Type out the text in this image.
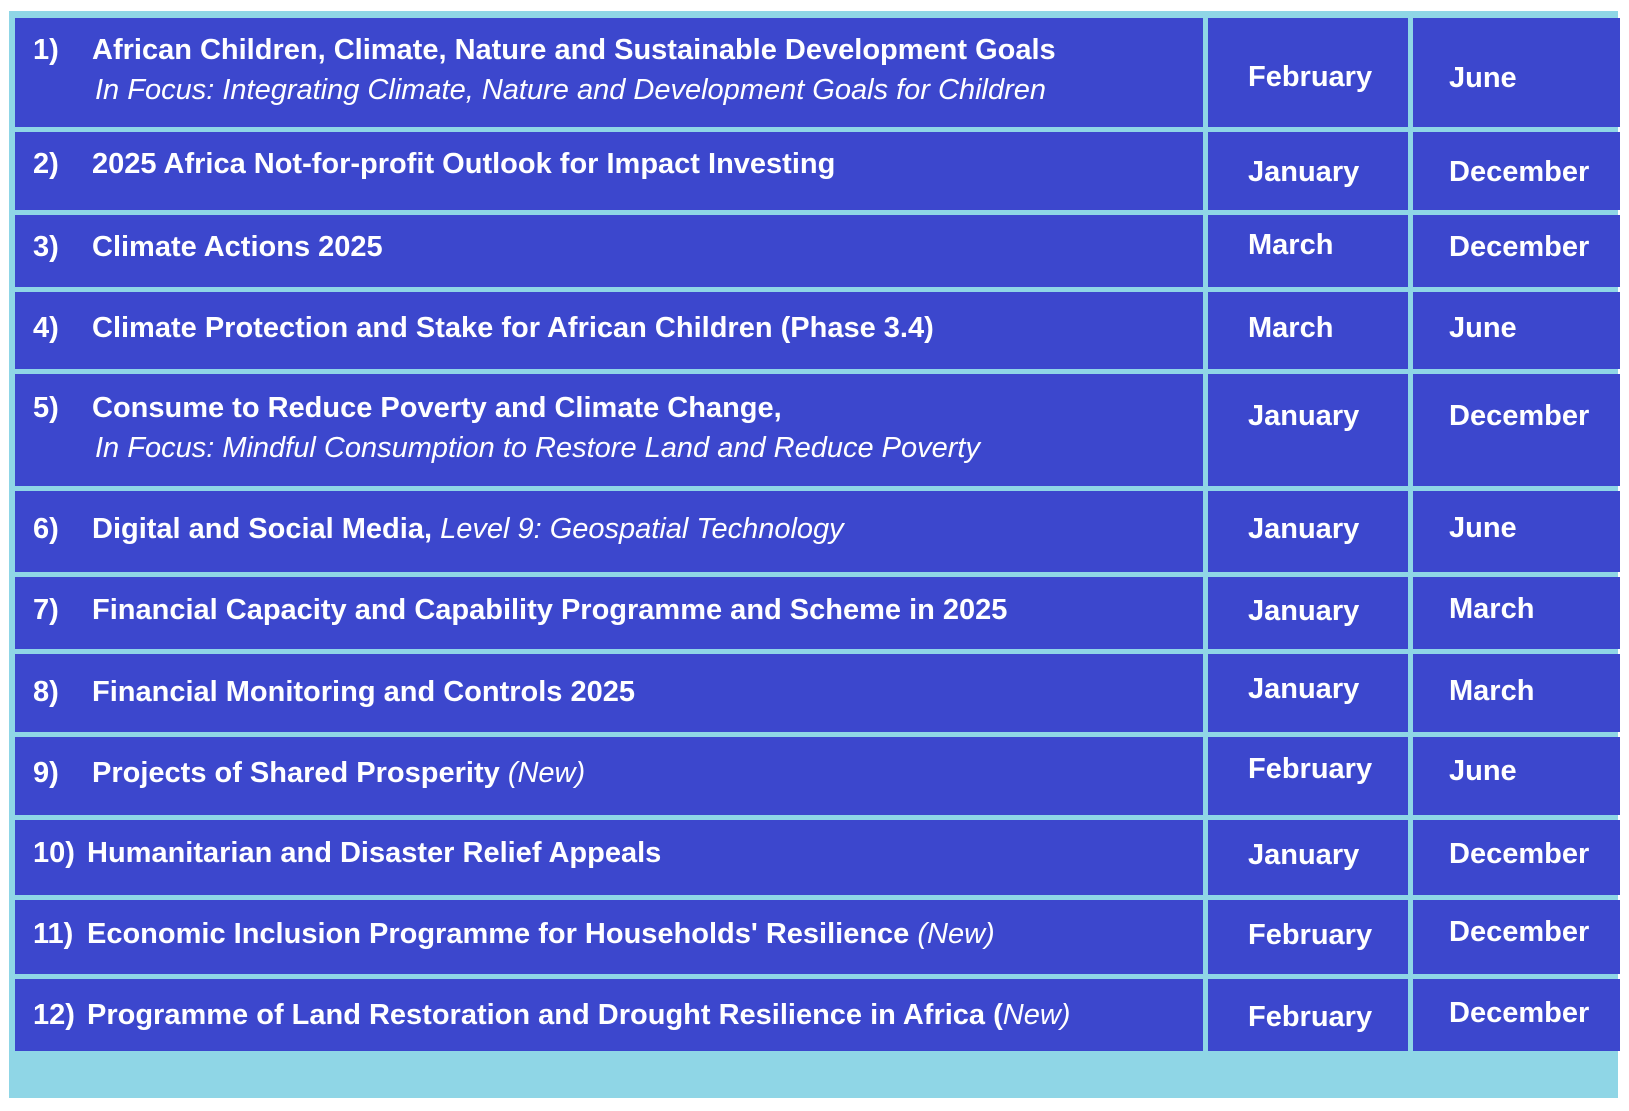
1) African Children, Climate, Nature and Sustainable Development Goals
In Focus: Integrating Climate, Nature and Development Goals for Children	February	June
2) 2025 Africa Not-for-profit Outlook for Impact Investing	January	December
3) Climate Actions 2025	March	December
4) Climate Protection and Stake for African Children (Phase 3.4)	March	June
5) Consume to Reduce Poverty and Climate Change,
In Focus: Mindful Consumption to Restore Land and Reduce Poverty
January	December
6) Digital and Social Media, Level 9: Geospatial Technology	January	June
7) Financial Capacity and Capability Programme and Scheme in 2025	January	March
8) Financial Monitoring and Controls 2025	January	March
9) Projects of Shared Prosperity (New)	February	June
10) Humanitarian and Disaster Relief Appeals	January	December
11) Economic Inclusion Programme for Households' Resilience (New)	February	December
12) Programme of Land Restoration and Drought Resilience in Africa (New)	February	December
